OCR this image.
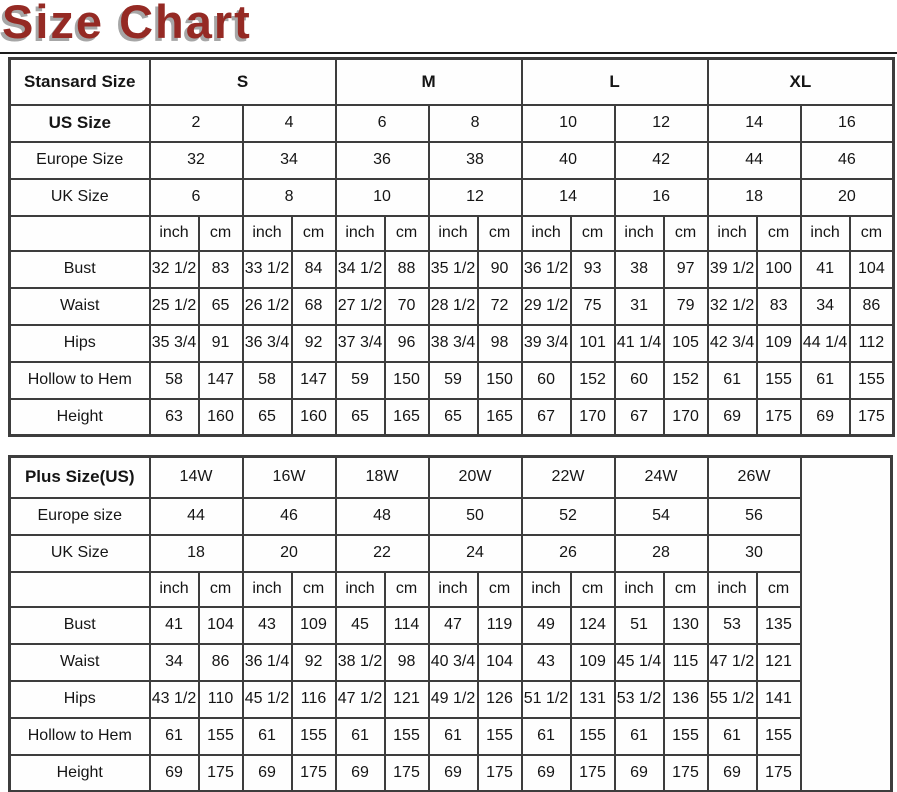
Size Chart
Stansard Size	S				M				L				XL			
US Size	2		4		6		8		10		12		14		16	
Europe Size	32		34		36		38		40		42		44		46	
UK Size	6		8		10		12		14		16		18		20	
	inch	cm	inch	cm	inch	cm	inch	cm	inch	cm	inch	cm	inch	cm	inch	cm
Bust	32 1/2	83	33 1/2	84	34 1/2	88	35 1/2	90	36 1/2	93	38	97	39 1/2	100	41	104
Waist	25 1/2	65	26 1/2	68	27 1/2	70	28 1/2	72	29 1/2	75	31	79	32 1/2	83	34	86
Hips	35 3/4	91	36 3/4	92	37 3/4	96	38 3/4	98	39 3/4	101	41 1/4	105	42 3/4	109	44 1/4	112
Hollow to Hem	58	147	58	147	59	150	59	150	60	152	60	152	61	155	61	155
Height	63	160	65	160	65	165	65	165	67	170	67	170	69	175	69	175
Plus Size(US)	14W		16W		18W		20W		22W		24W		26W		
Europe size	44		46		48		50		52		54		56		
UK Size	18		20		22		24		26		28		30		
	inch	cm	inch	cm	inch	cm	inch	cm	inch	cm	inch	cm	inch	cm	
Bust	41	104	43	109	45	114	47	119	49	124	51	130	53	135	
Waist	34	86	36 1/4	92	38 1/2	98	40 3/4	104	43	109	45 1/4	115	47 1/2	121	
Hips	43 1/2	110	45 1/2	116	47 1/2	121	49 1/2	126	51 1/2	131	53 1/2	136	55 1/2	141	
Hollow to Hem	61	155	61	155	61	155	61	155	61	155	61	155	61	155	
Height	69	175	69	175	69	175	69	175	69	175	69	175	69	175	
